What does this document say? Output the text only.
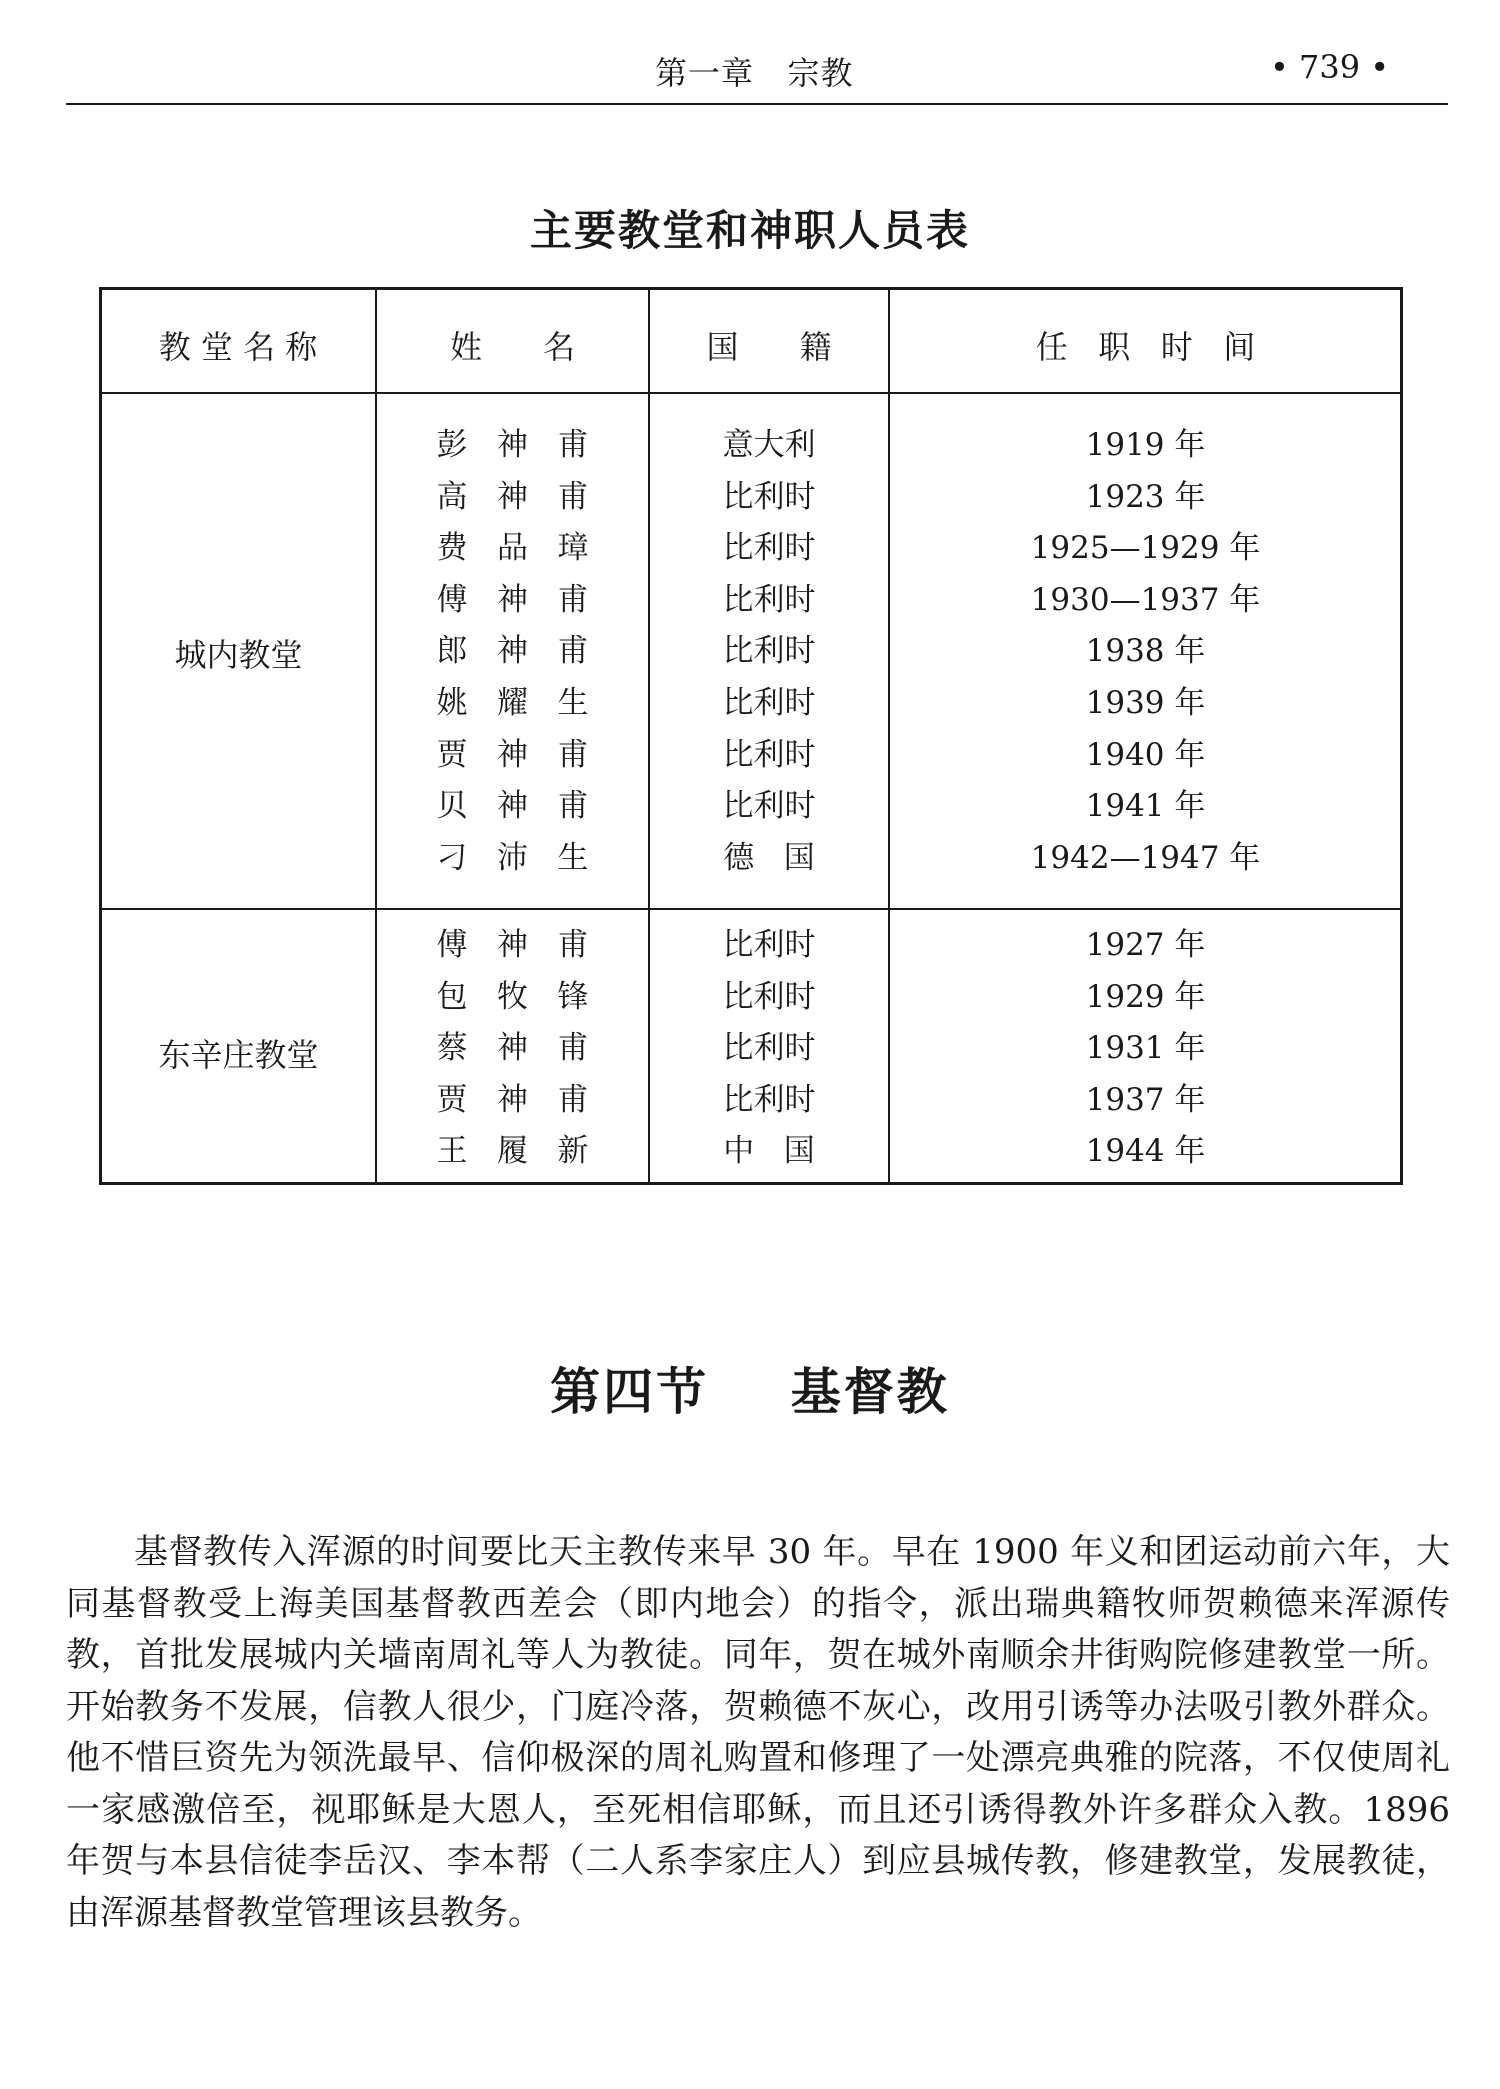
第一章   宗教	• 739 •
主要教堂和神职人员表
教 堂 名 称	姓      名	国      籍	任   职   时   间
城内教堂
彭   神   甫	意大利	1919 年
高   神   甫	比利时	1923 年
费   品   璋	比利时	1925—1929 年
傅   神   甫	比利时	1930—1937 年
郎   神   甫	比利时	1938 年
姚   耀   生	比利时	1939 年
贾   神   甫	比利时	1940 年
贝   神   甫	比利时	1941 年
刁   沛   生	德   国	1942—1947 年
东辛庄教堂
傅   神   甫	比利时	1927 年
包   牧   锋	比利时	1929 年
蔡   神   甫	比利时	1931 年
贾   神   甫	比利时	1937 年
王   履   新	中   国	1944 年
第四节    基督教

基督教传入浑源的时间要比天主教传来早 30 年。早在 1900 年义和团运动前六年，大同基督教受上海美国基督教西差会（即内地会）的指令，派出瑞典籍牧师贺赖德来浑源传教，首批发展城内关墙南周礼等人为教徒。同年，贺在城外南顺余井街购院修建教堂一所。开始教务不发展，信教人很少，门庭冷落，贺赖德不灰心，改用引诱等办法吸引教外群众。他不惜巨资先为领洗最早、信仰极深的周礼购置和修理了一处漂亮典雅的院落，不仅使周礼一家感激倍至，视耶稣是大恩人，至死相信耶稣，而且还引诱得教外许多群众入教。1896 年贺与本县信徒李岳汉、李本帮（二人系李家庄人）到应县城传教，修建教堂，发展教徒，由浑源基督教堂管理该县教务。
